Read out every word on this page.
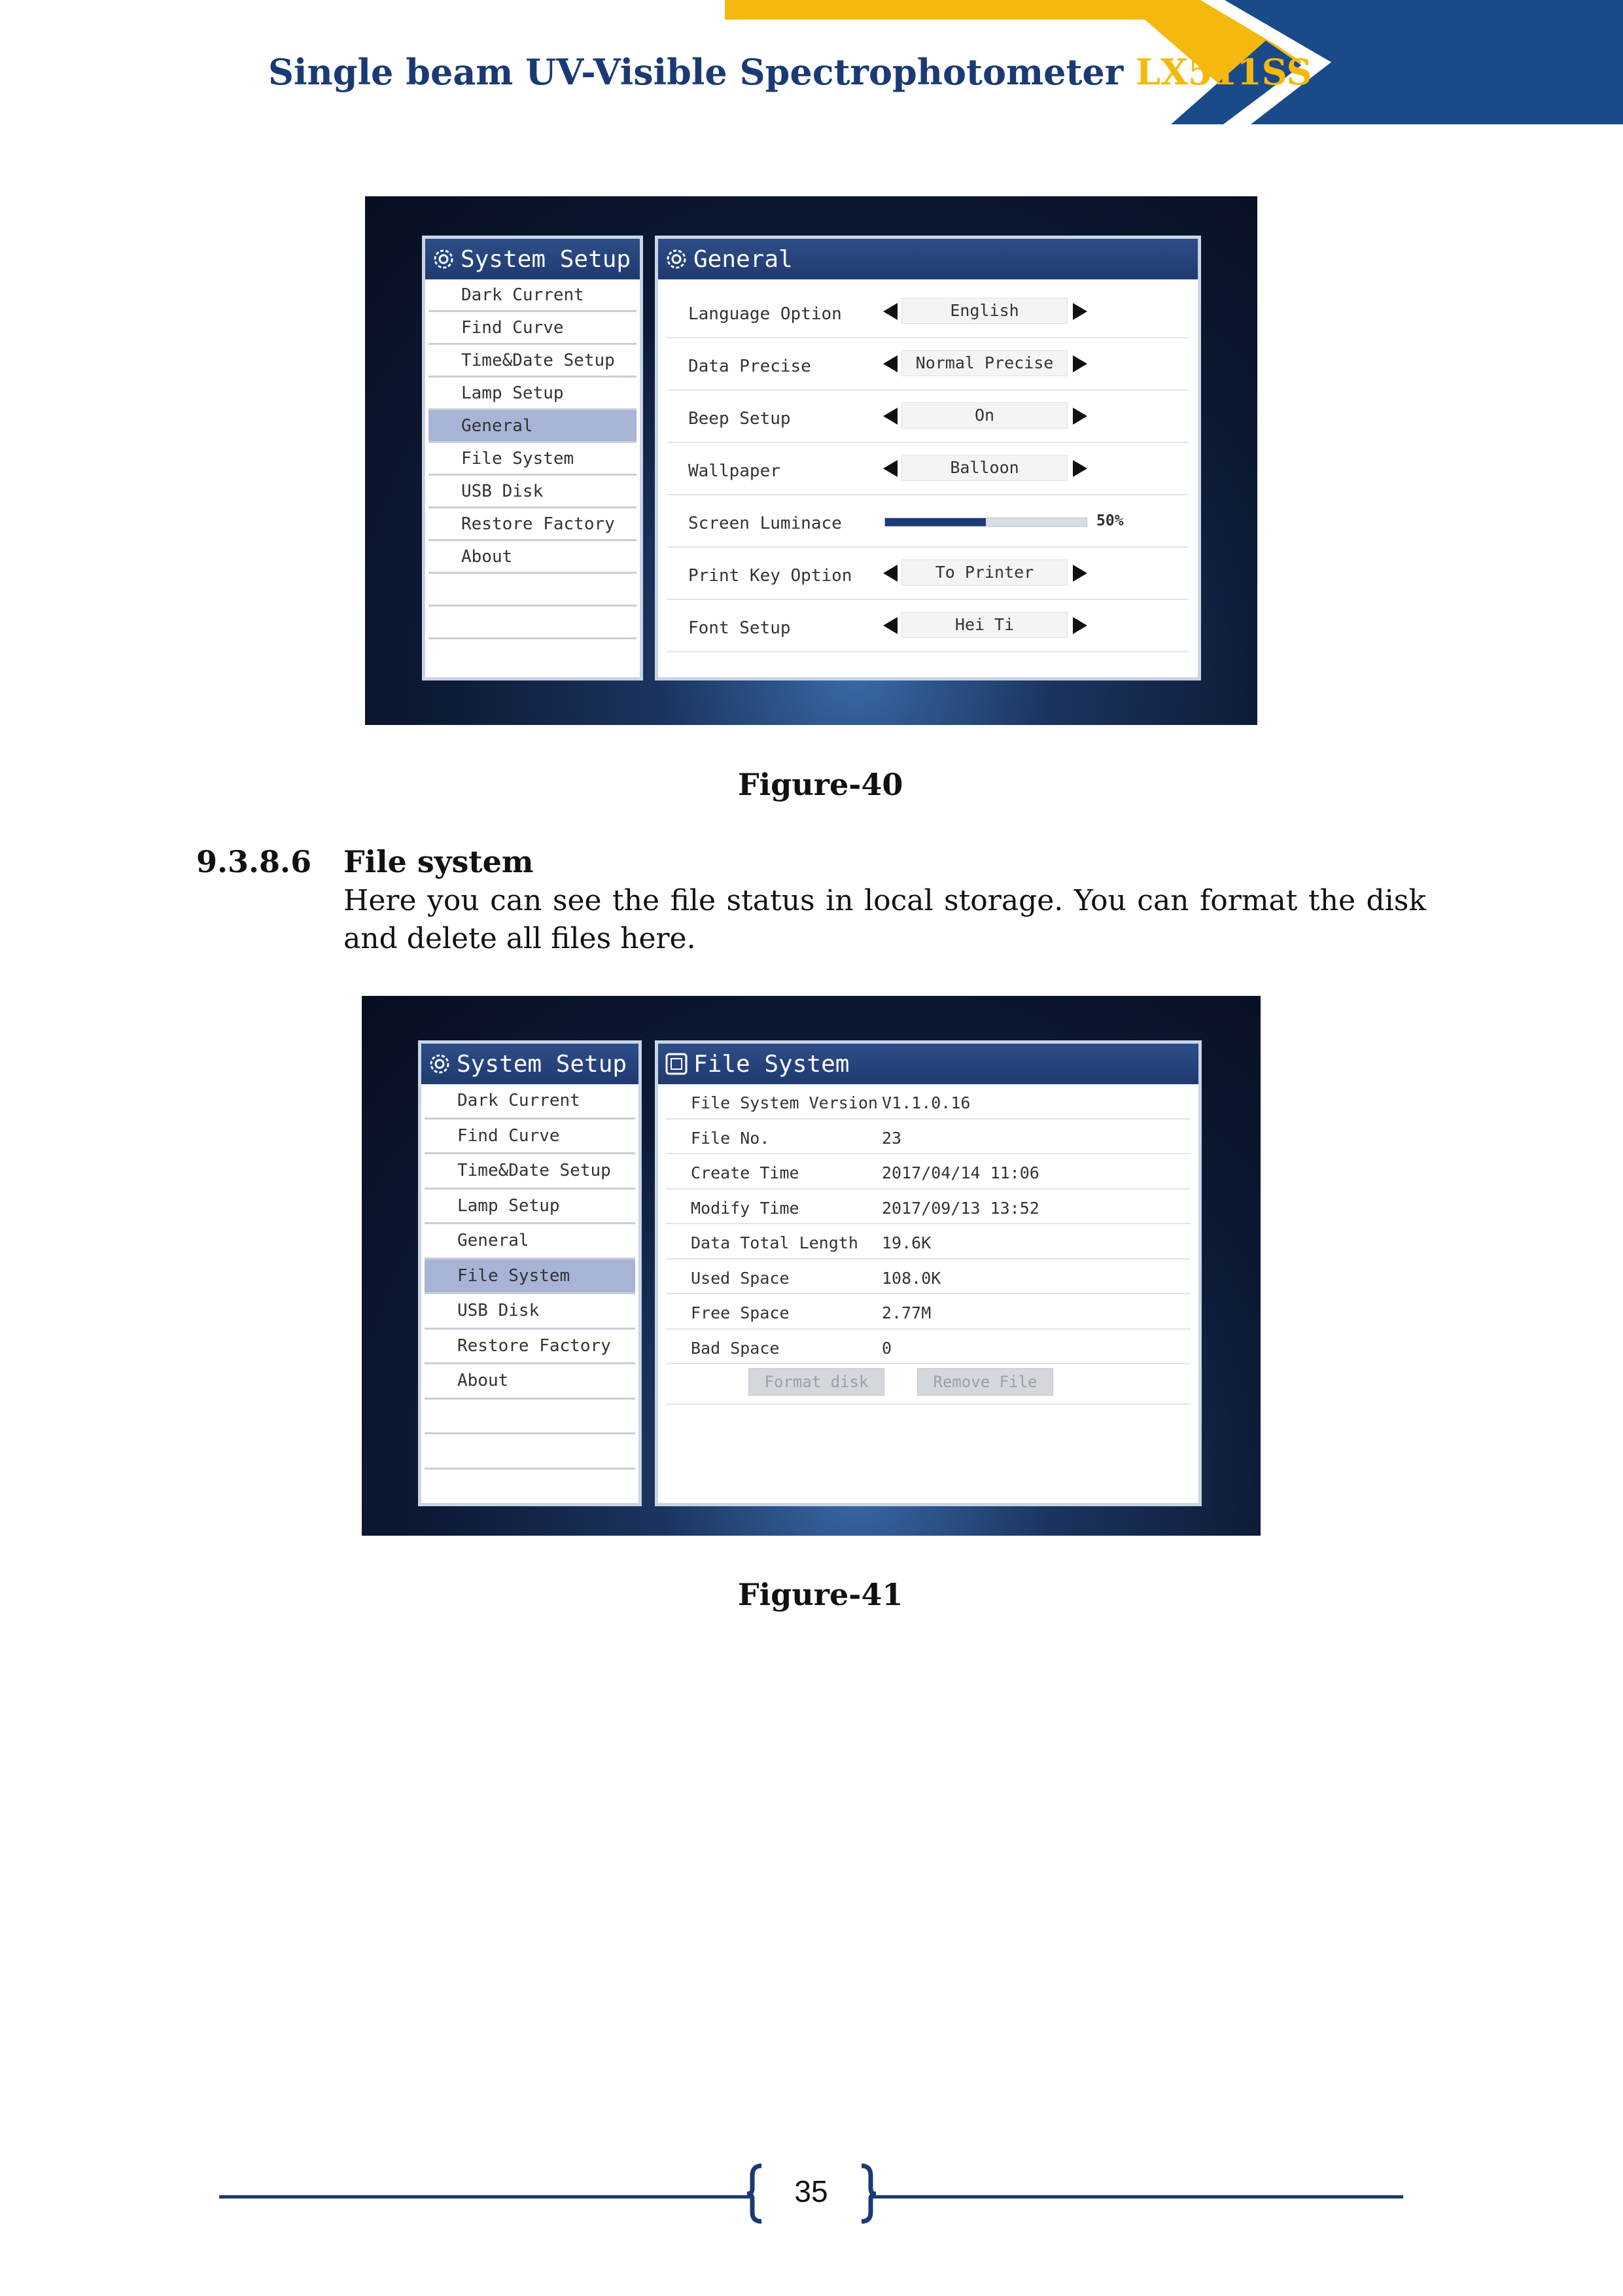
Single beam UV-Visible Spectrophotometer LX511SS
System Setup
Dark Current
Find Curve
Time&Date Setup
Lamp Setup
General
File System
USB Disk
Restore Factory
About
General
Language Option	English
Data Precise	Normal Precise
Beep Setup	On
Wallpaper	Balloon
Screen Luminace	50%
Print Key Option	To Printer
Font Setup	Hei Ti
Figure-40
9.3.8.6 File system
Here you can see the file status in local storage. You can format the disk and delete all files here.
System Setup
Dark Current
Find Curve
Time&Date Setup
Lamp Setup
General
File System
USB Disk
Restore Factory
About
File System
File System Version V1.1.0.16
File No.	23
Create Time	2017/04/14 11:06
Modify Time	2017/09/13 13:52
Data Total Length 19.6K
Used Space	108.0K
Free Space	2.77M
Bad Space	0
Format disk	Remove File
Figure-41
35
